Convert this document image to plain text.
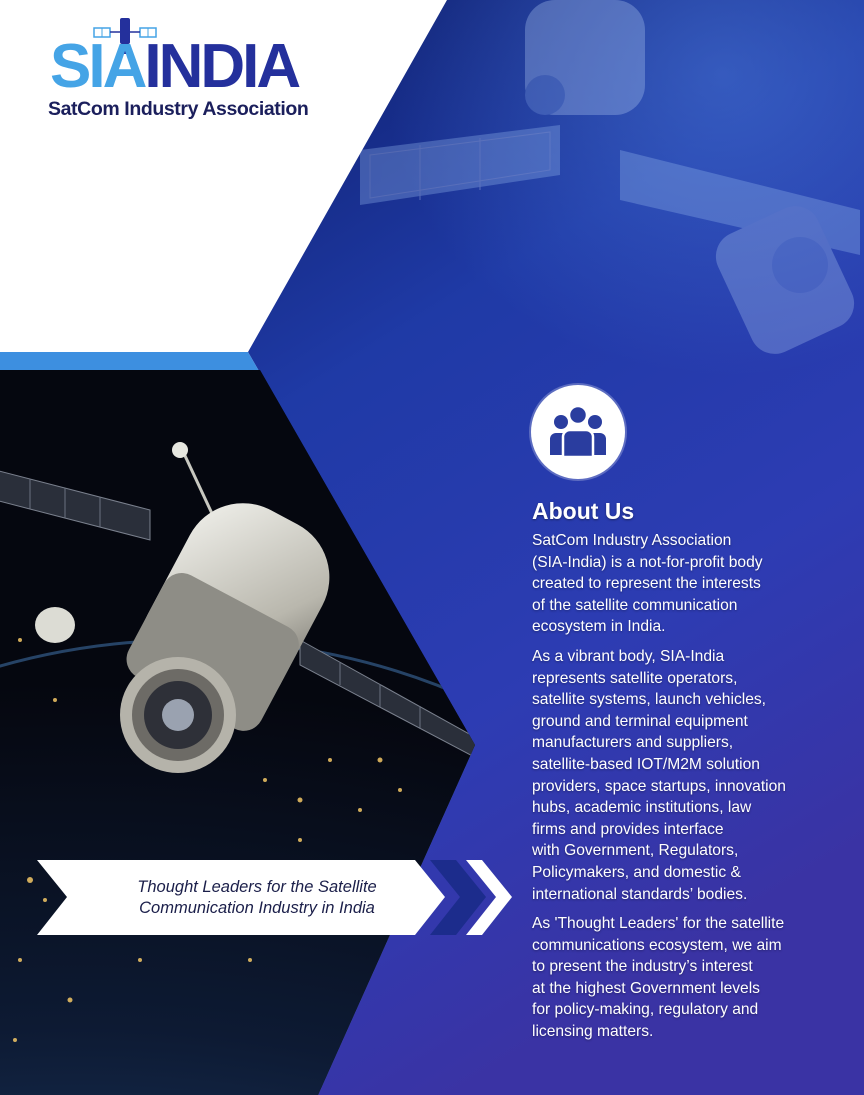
SIAINDIA
SatCom Industry Association
About Us

SatCom Industry Association
(SIA-India) is a not-for-profit body
created to represent the interests
of the satellite communication
ecosystem in India.

As a vibrant body, SIA-India
represents satellite operators,
satellite systems, launch vehicles,
ground and terminal equipment
manufacturers and suppliers,
satellite-based IOT/M2M solution
providers, space startups, innovation
hubs, academic institutions, law
firms and provides interface
with Government, Regulators,
Policymakers, and domestic &
international standards’ bodies.

As 'Thought Leaders' for the satellite
communications ecosystem, we aim
to present the industry’s interest
at the highest Government levels
for policy-making, regulatory and
licensing matters.

Thought Leaders for the Satellite
Communication Industry in India
